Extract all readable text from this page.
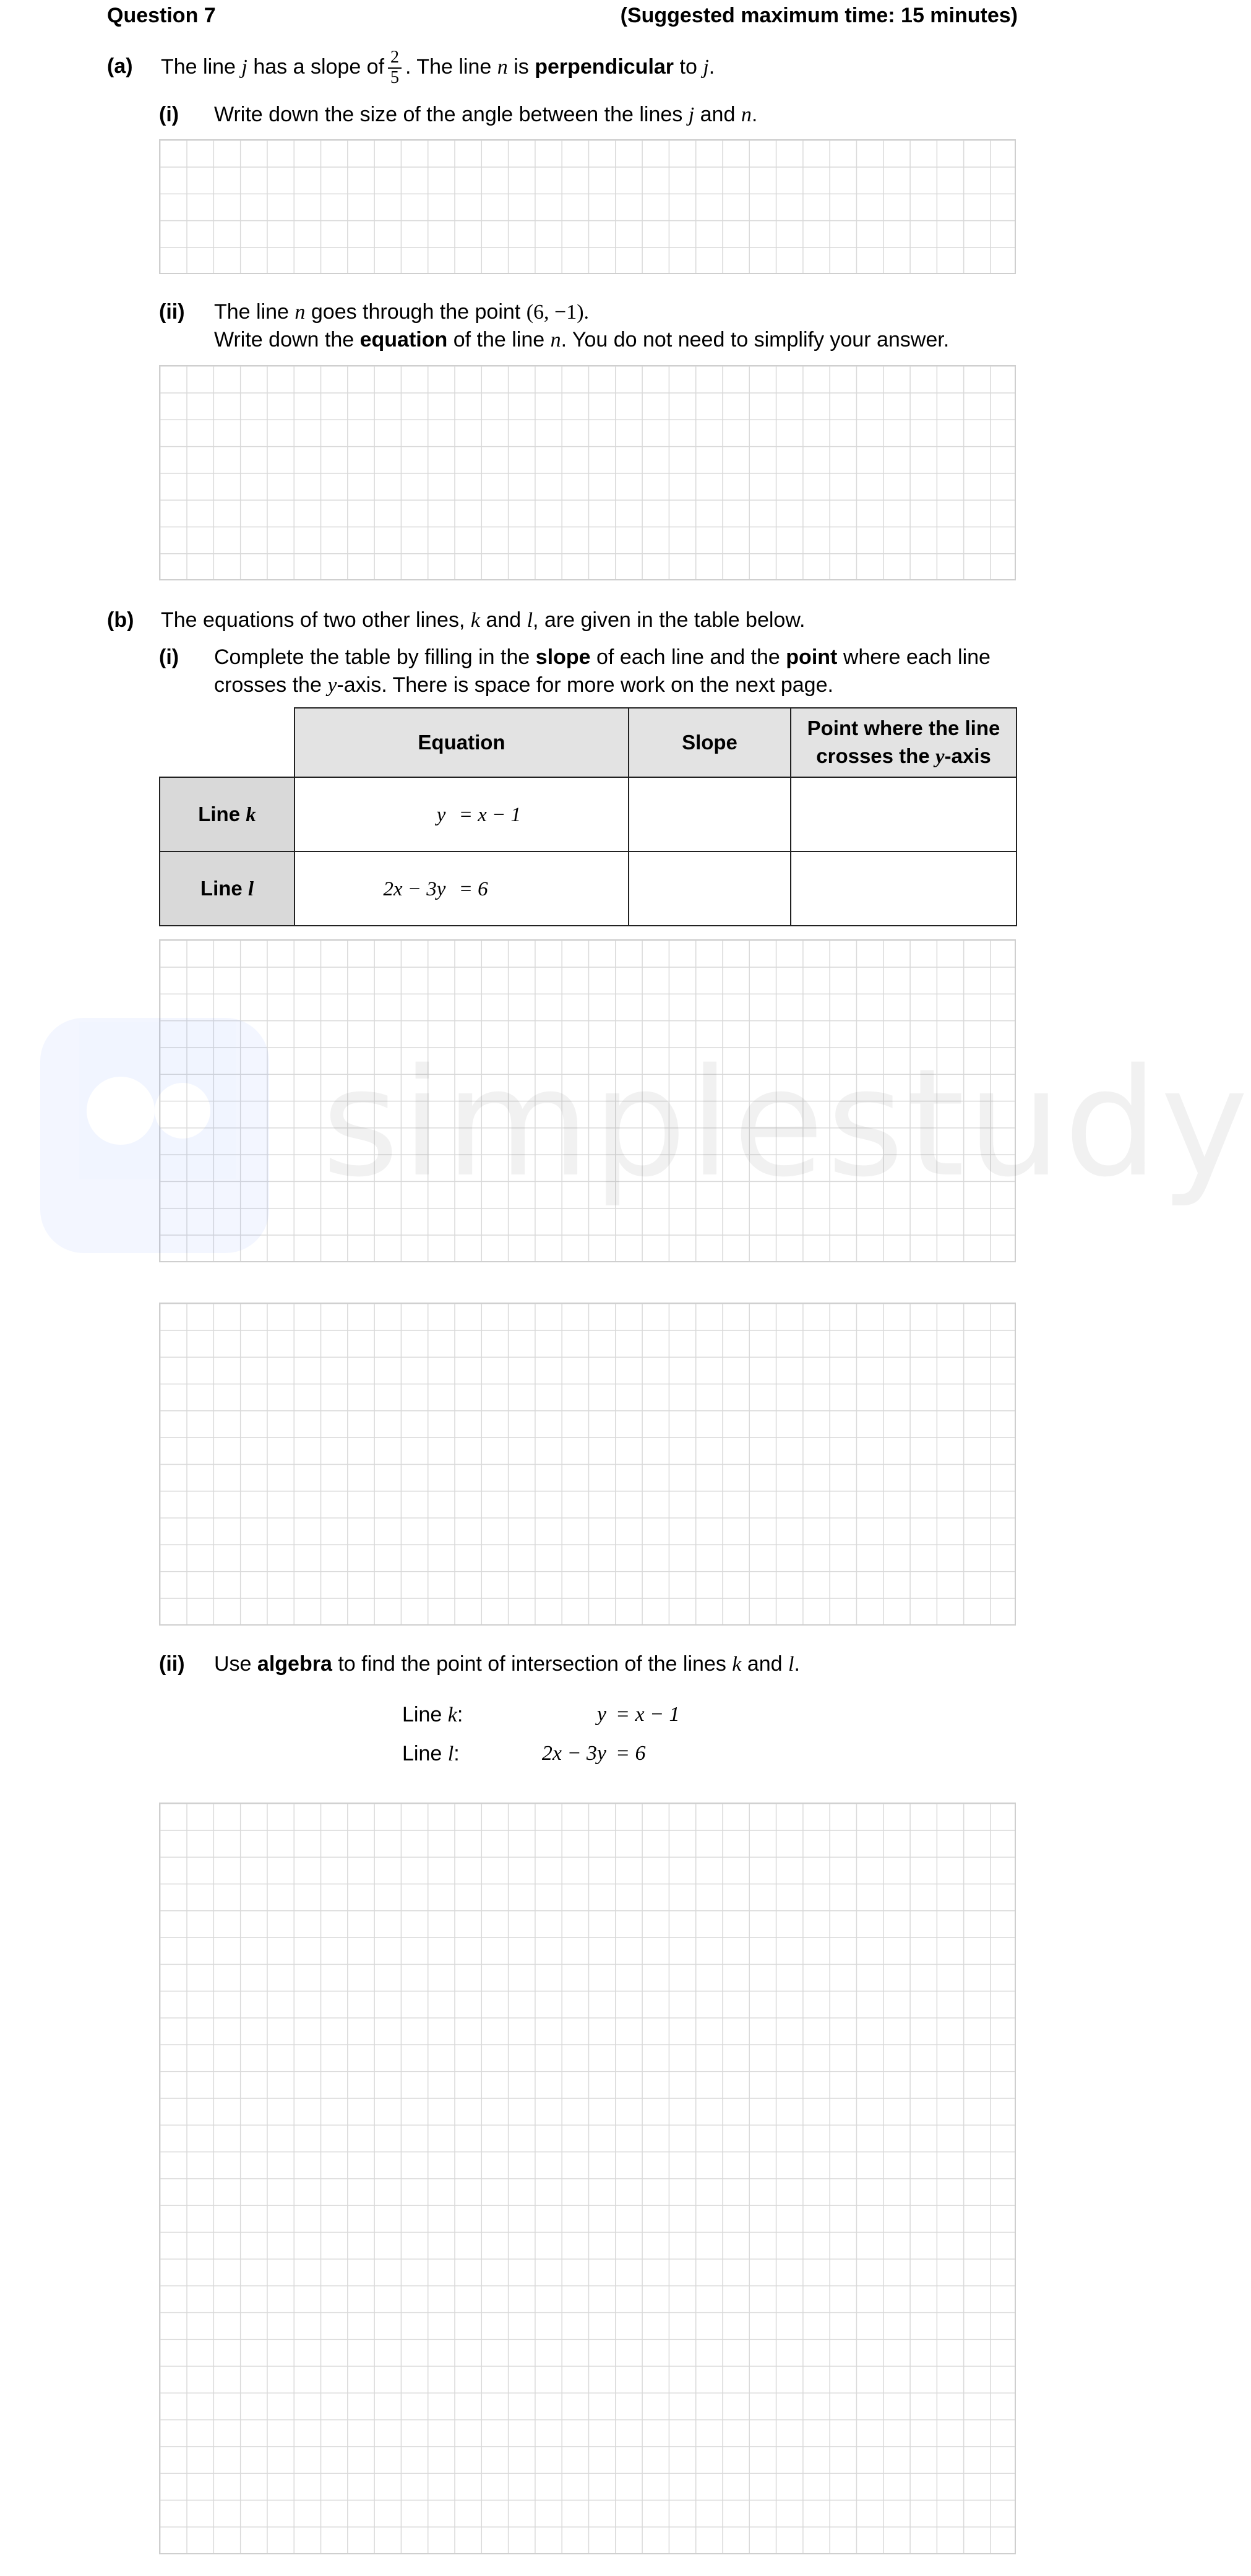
Question 7	(Suggested maximum time: 15 minutes)
(a) The line j has a slope of $\frac{2}{5}$ . The line n is perpendicular to j.
(i) Write down the size of the angle between the lines j and n.
(ii) The line n goes through the point (6, −1).
Write down the equation of the line n. You do not need to simplify your answer.
(b) The equations of two other lines, k and l, are given in the table below.
(i) Complete the table by filling in the slope of each line and the point where each line
crosses the y-axis. There is space for more work on the next page.
	Equation	Slope	Point where the line
crosses the y-axis
Line k	y = x − 1		
Line l	2x − 3y = 6		
simplestudy
(ii) Use algebra to find the point of intersection of the lines k and l.
Line k:	y = x − 1
Line l:	2x − 3y = 6
